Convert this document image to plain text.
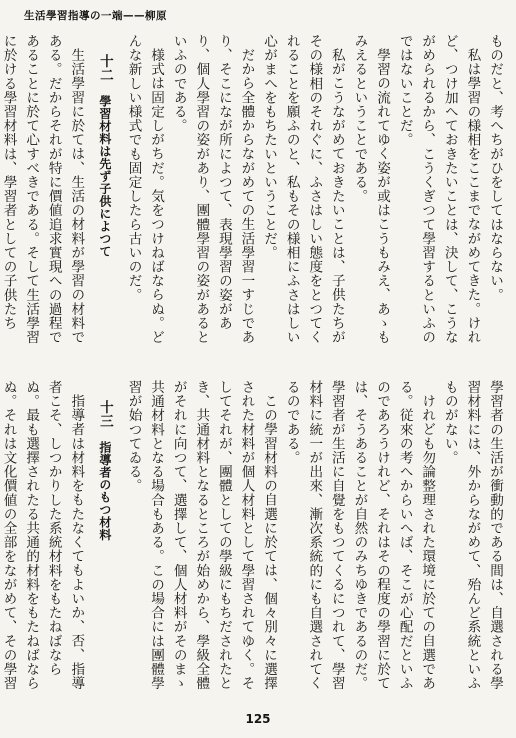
生活學習指導の一端——柳原

ものだと、考へちがひをしてはならない。

私は學習の様相をここまでながめてきた。けれど、つけ加へておきたいことは、決して、こうながめられるから、こうくぎつて學習するといふのではないことだ。

學習の流れてゆく姿が或はこうもみえ、あゝもみえるということである。

私がこうながめておきたいことは、子供たちがその様相のそれぐに、ふさはしい態度をとつてくれることを願ふのと、私もその様相にふさはしい心がまへをもちたいということだ。

だから全體からながめての生活學習一すじであり、そこになが所によつて、表現學習の姿があり、個人學習の姿があり、團體學習の姿があるといふのである。

様式は固定しがちだ。気をつけねばならぬ。どんな新しい様式でも固定したら古いのだ。

十二 學習材料は先ず子供によつて

生活學習に於ては、生活の材料が學習の材料である。だからそれが特に價値追求實現への過程であることに於て心すべきである。そして生活學習に於ける學習材料は、學習者としての子供たち

學習者の生活が衝動的である間は、自選される學習材料には、外からながめて、殆んど系統といふものがない。

けれども勿論整理された環境に於ての自選である。従來の考へからいへば、そこが心配だといふのであろうけれど、それはその程度の學習に於ては、そうあることが自然のみちゆきであるのだ。學習者が生活に自覺をもつてくるにつれて、學習材料に統一が出來、漸次系統的にも自選されてくるのである。

この學習材料の自選に於ては、個々別々に選擇された材料が個人材料として學習されてゆく。そしてそれが、團體としての學級にもちだされたとき、共通材料となるところが始めから、學級全體がそれに向つて、選擇して、個人材料がそのまゝ共通材料となる場合もある。この場合には團體學習が始つてゐる。

十三 指導者のもつ材料

指導者は材料をもたなくてもよいか、否、指導者こそ、しつかりした系統材料をもたねばならぬ。最も選擇されたる共通的材料をもたねばならぬ。それは文化價値の全部をながめて、その學習

125
